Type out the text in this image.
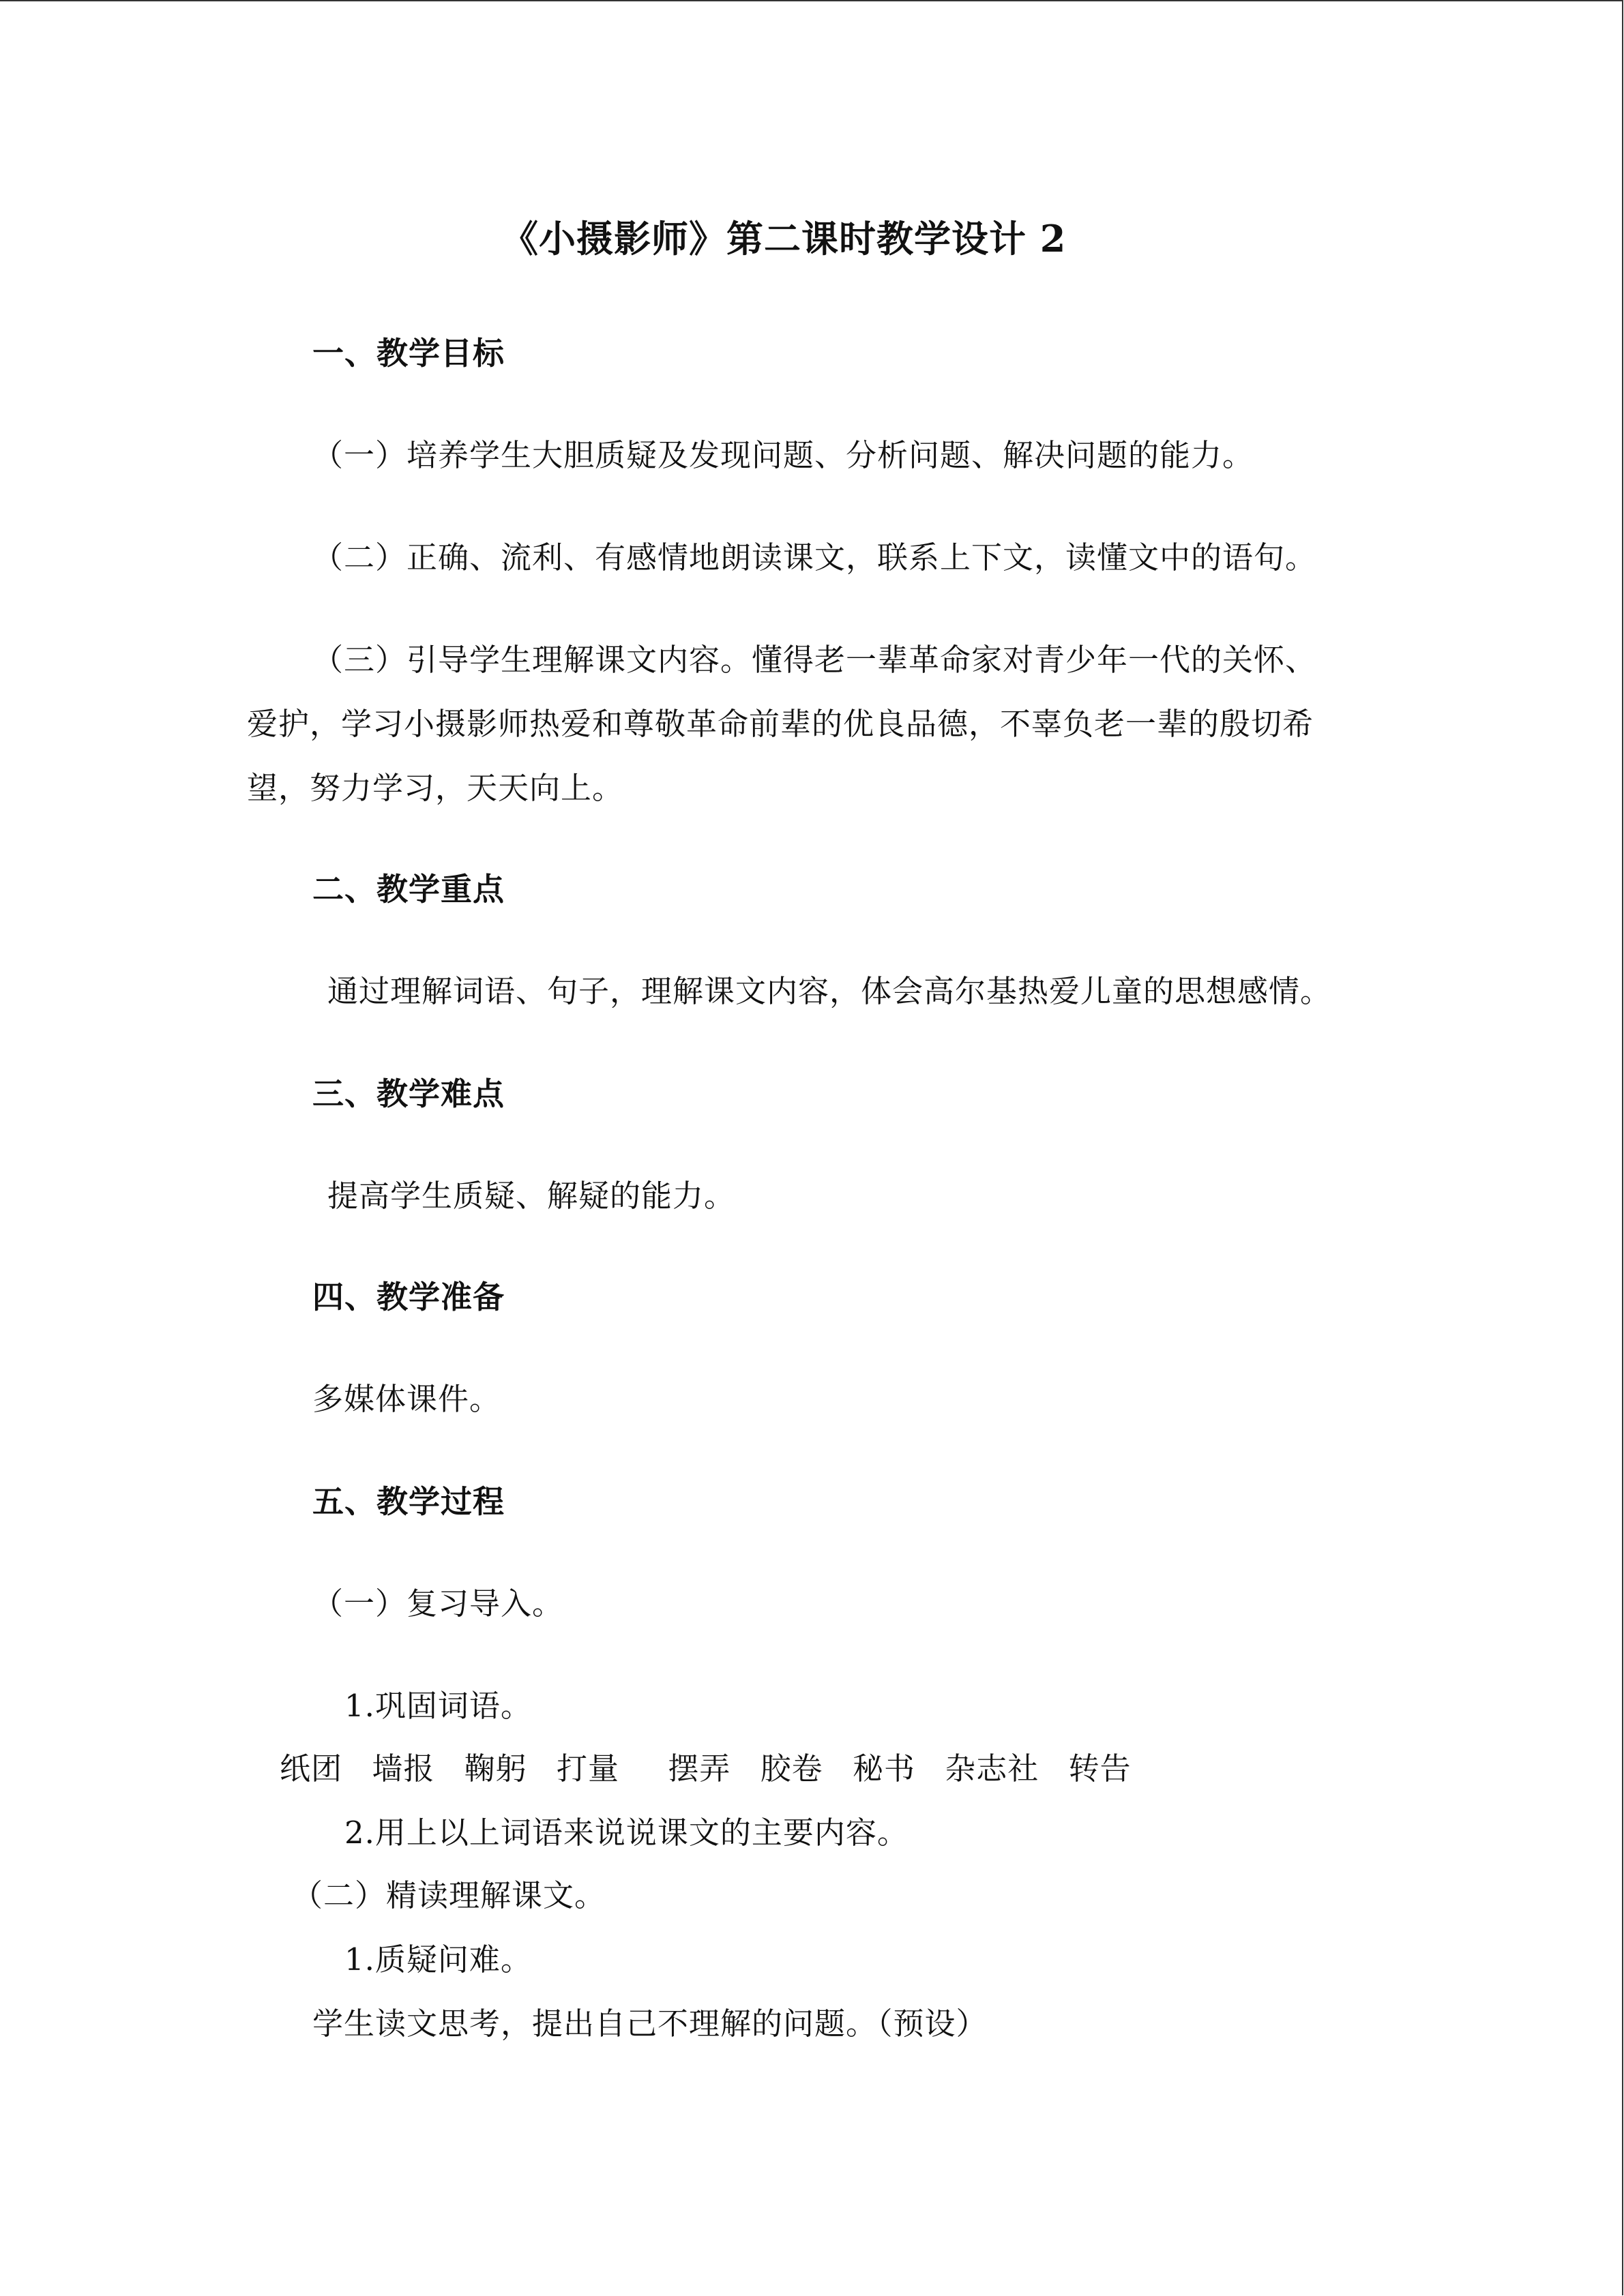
《小摄影师》第二课时教学设计 2
一、教学目标
（一）培养学生大胆质疑及发现问题、分析问题、解决问题的能力。
（二）正确、流利、有感情地朗读课文，联系上下文，读懂文中的语句。
（三）引导学生理解课文内容。懂得老一辈革命家对青少年一代的关怀、
爱护，学习小摄影师热爱和尊敬革命前辈的优良品德，不辜负老一辈的殷切希
望，努力学习，天天向上。
二、教学重点
通过理解词语、句子，理解课文内容，体会高尔基热爱儿童的思想感情。
三、教学难点
提高学生质疑、解疑的能力。
四、教学准备
多媒体课件。
五、教学过程
（一）复习导入。
1.巩固词语。
纸团 墙报 鞠躬 打量 摆弄 胶卷 秘书 杂志社 转告
2.用上以上词语来说说课文的主要内容。
（二）精读理解课文。
1.质疑问难。
学生读文思考，提出自己不理解的问题。（预设）
